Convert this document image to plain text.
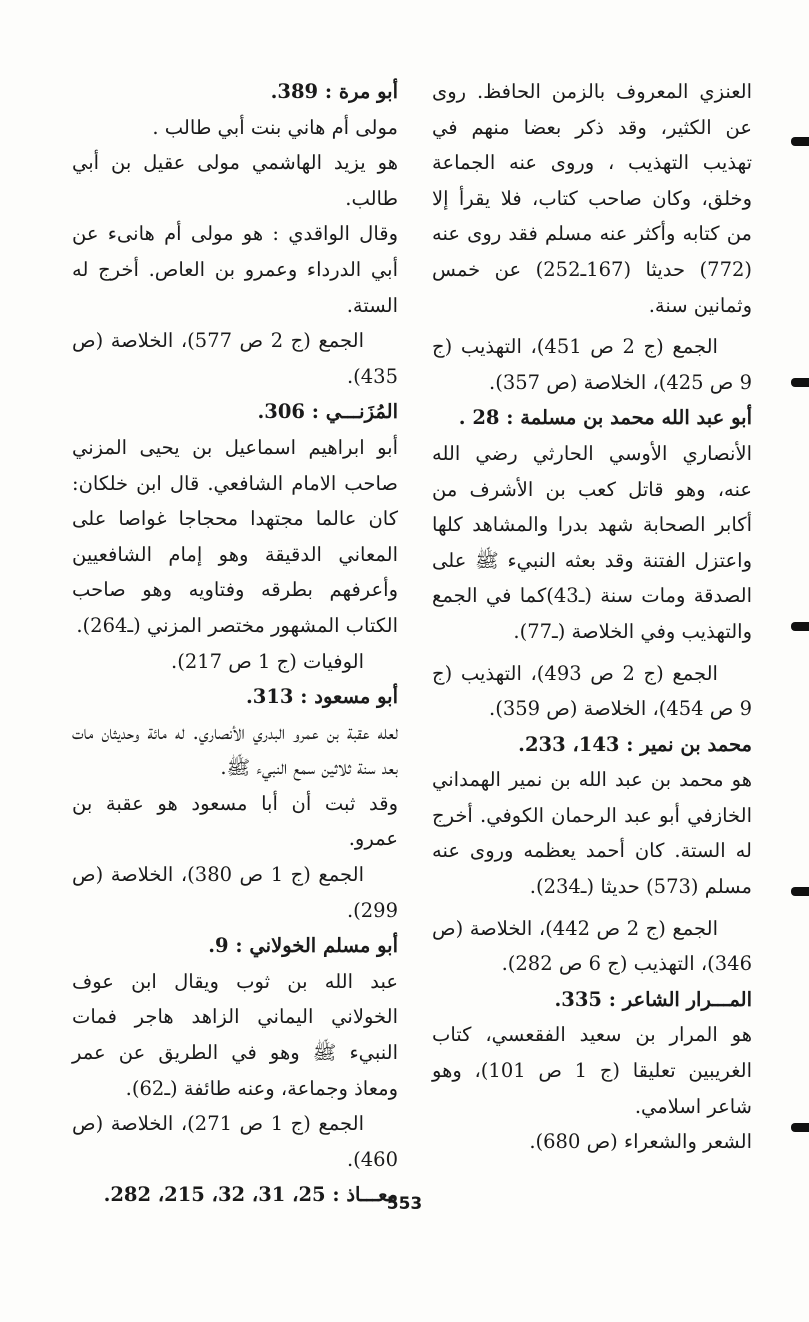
العنزي المعروف بالزمن الحافظ. روى عن الكثير، وقد ذكر بعضا منهم في تهذيب التهذيب ، وروى عنه الجماعة وخلق، وكان صاحب كتاب، فلا يقرأ إلا من كتابه وأكثر عنه مسلم فقد روى عنه (772) حديثا (167ـ252) عن خمس وثمانين سنة.
الجمع (ج 2 ص 451)، التهذيب (ج 9 ص 425)، الخلاصة (ص 357).
أبو عبد الله محمد بن مسلمة : 28 .
الأنصاري الأوسي الحارثي رضي الله عنه، وهو قاتل كعب بن الأشرف من أكابر الصحابة شهد بدرا والمشاهد كلها واعتزل الفتنة وقد بعثه النبيء ﷺ على الصدقة ومات سنة (ـ43)كما في الجمع والتهذيب وفي الخلاصة (ـ77).
الجمع (ج 2 ص 493)، التهذيب (ج 9 ص 454)، الخلاصة (ص 359).
محمد بن نمير : 143، 233.
هو محمد بن عبد الله بن نمير الهمداني الخازفي أبو عبد الرحمان الكوفي. أخرج له الستة. كان أحمد يعظمه وروى عنه مسلم (573) حديثا (ـ234).
الجمع (ج 2 ص 442)، الخلاصة (ص 346)، التهذيب (ج 6 ص 282).
المـــرار الشاعر : 335.
هو المرار بن سعيد الفقعسي، كتاب الغريبين تعليقا (ج 1 ص 101)، وهو شاعر اسلامي.
الشعر والشعراء (ص 680).
أبو مرة : 389.
مولى أم هاني بنت أبي طالب .
هو يزيد الهاشمي مولى عقيل بن أبي طالب.
وقال الواقدي : هو مولى أم هانىء عن أبي الدرداء وعمرو بن العاص. أخرج له الستة.
الجمع (ج 2 ص 577)، الخلاصة (ص 435).
المُزَنـــي : 306.
أبو ابراهيم اسماعيل بن يحيى المزني صاحب الامام الشافعي. قال ابن خلكان: كان عالما مجتهدا محجاجا غواصا على المعاني الدقيقة وهو إمام الشافعيين وأعرفهم بطرقه وفتاويه وهو صاحب الكتاب المشهور مختصر المزني (ـ264).
الوفيات (ج 1 ص 217).
أبو مسعود : 313.
لعله عقبة بن عمرو البدري الأنصاري. له مائة وحديثان مات بعد سنة ثلاثين سمع النبيء ﷺ.
وقد ثبت أن أبا مسعود هو عقبة بن عمرو.
الجمع (ج 1 ص 380)، الخلاصة (ص 299).
أبو مسلم الخولاني : 9.
عبد الله بن ثوب ويقال ابن عوف الخولاني اليماني الزاهد هاجر فمات النبيء ﷺ وهو في الطريق عن عمر ومعاذ وجماعة، وعنه طائفة (ـ62).
الجمع (ج 1 ص 271)، الخلاصة (ص 460).
معـــاذ : 25، 31، 32، 215، 282.
553
